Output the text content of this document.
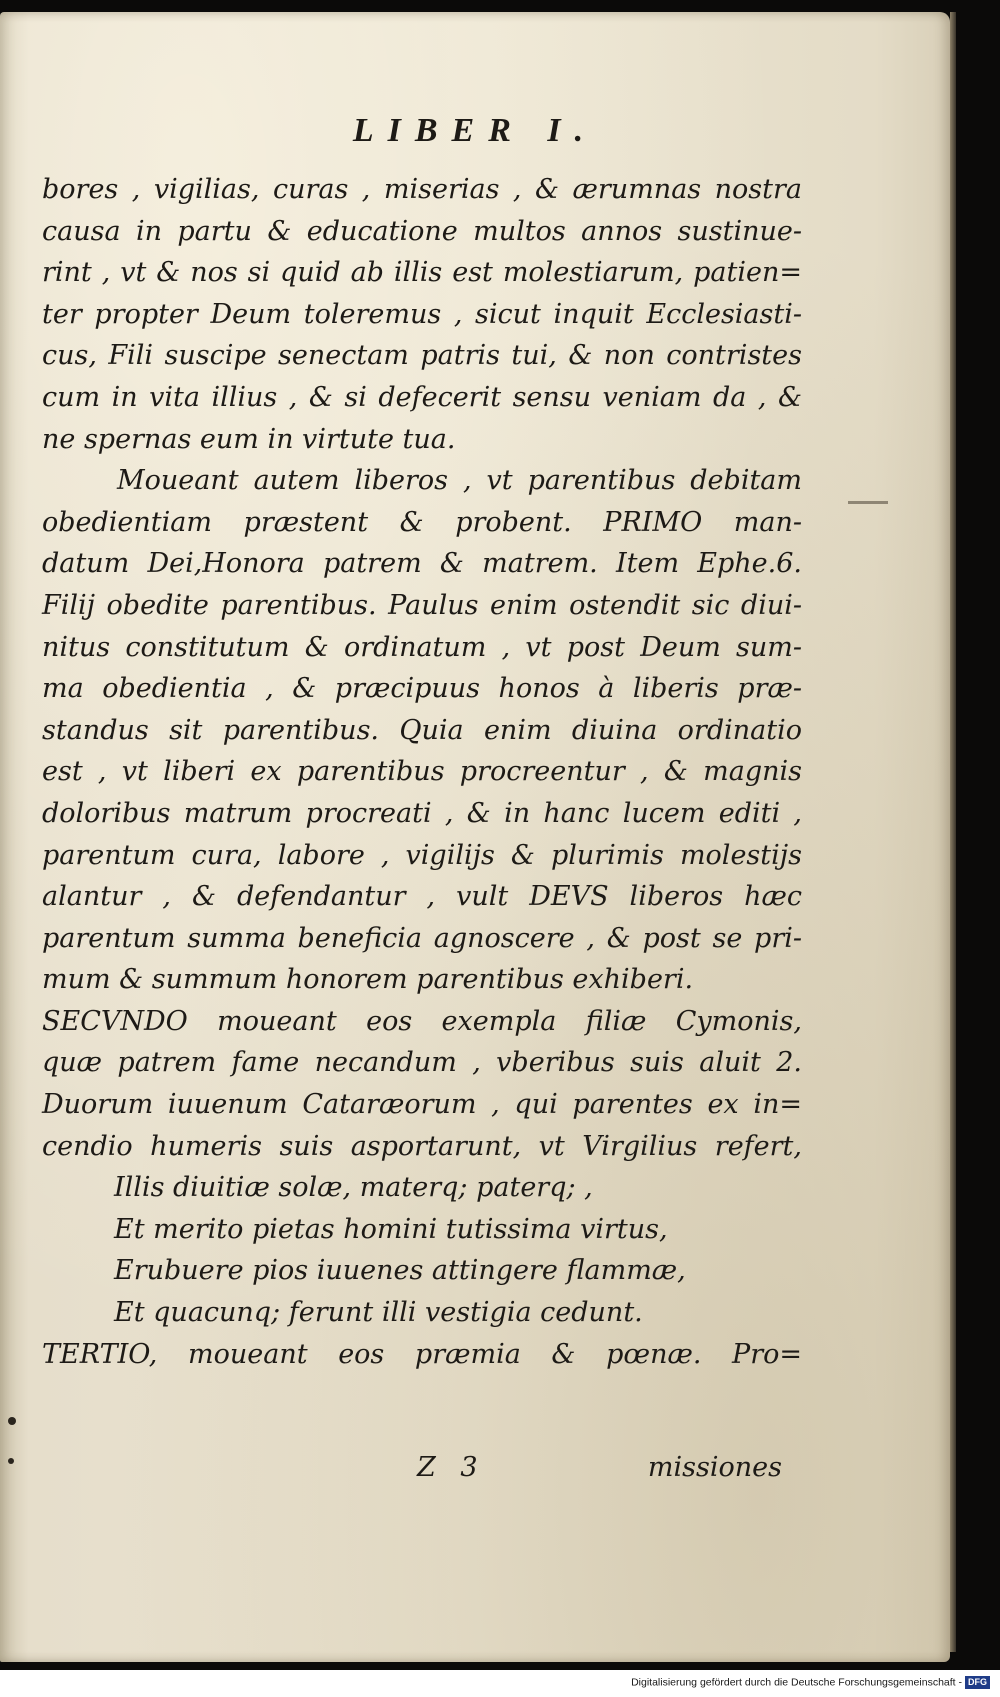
LIBER I.
bores , vigilias, curas , miserias , & ærumnas nostra
causa in partu & educatione multos annos sustinue-
rint , vt & nos si quid ab illis est molestiarum, patien=
ter propter Deum toleremus , sicut inquit Ecclesiasti-
cus, Fili suscipe senectam patris tui, & non contristes
cum in vita illius , & si defecerit sensu veniam da , &
ne spernas eum in virtute tua.
Moueant autem liberos , vt parentibus debitam
obedientiam præstent & probent. PRIMO man-
datum Dei,Honora patrem & matrem. Item Ephe.6.
Filij obedite parentibus. Paulus enim ostendit sic diui-
nitus constitutum & ordinatum , vt post Deum sum-
ma obedientia , & præcipuus honos à liberis præ-
standus sit parentibus. Quia enim diuina ordinatio
est , vt liberi ex parentibus procreentur , & magnis
doloribus matrum procreati , & in hanc lucem editi ,
parentum cura, labore , vigilijs & plurimis molestijs
alantur , & defendantur , vult DEVS liberos hæc
parentum summa beneficia agnoscere , & post se pri-
mum & summum honorem parentibus exhiberi.
SECVNDO moueant eos exempla filiæ Cymonis,
quæ patrem fame necandum , vberibus suis aluit 2.
Duorum iuuenum Cataræorum , qui parentes ex in=
cendio humeris suis asportarunt, vt Virgilius refert,
Illis diuitiæ solæ, materq; paterq; ,
Et merito pietas homini tutissima virtus,
Erubuere pios iuuenes attingere flammæ,
Et quacunq; ferunt illi vestigia cedunt.
TERTIO, moueant eos præmia & pœnæ. Pro=
Z 3	missiones
Digitalisierung gefördert durch die Deutsche Forschungsgemeinschaft - DFG
